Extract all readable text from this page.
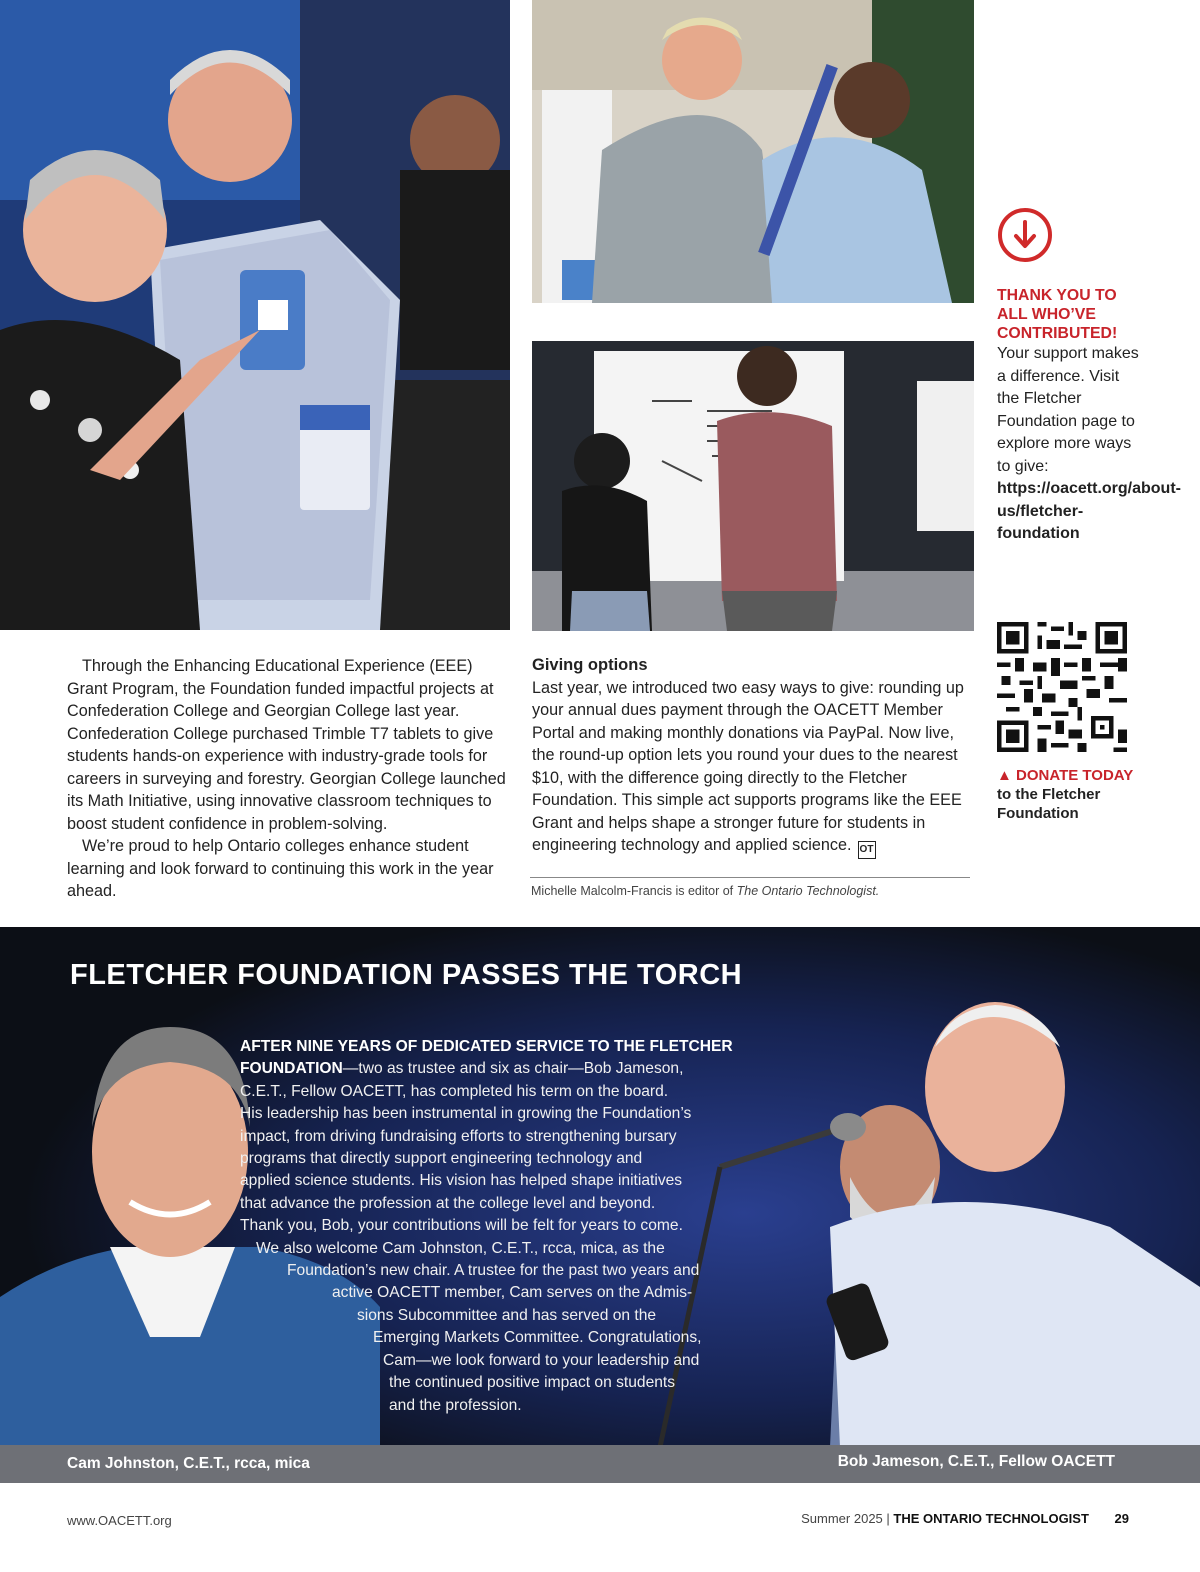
Through the Enhancing Educational Experience (EEE) Grant Program, the Foundation funded impactful projects at Confederation College and Georgian College last year. Confederation College purchased Trimble T7 tablets to give students hands-on experience with industry-grade tools for careers in surveying and forestry. Georgian College launched its Math Initiative, using innovative classroom techniques to boost student confidence in problem-solving.

We’re proud to help Ontario colleges enhance student learning and look forward to continuing this work in the year ahead.

Giving options

Last year, we introduced two easy ways to give: rounding up your annual dues payment through the OACETT Member Portal and making monthly donations via PayPal. Now live, the round-up option lets you round your dues to the nearest $10, with the difference going directly to the Fletcher Foundation. This simple act supports programs like the EEE Grant and helps shape a stronger future for students in engineering technology and applied science. OT

Michelle Malcolm-Francis is editor of The Ontario Technologist.
THANK YOU TO ALL WHO’VE CONTRIBUTED!
Your support makes a difference. Visit the Fletcher Foundation page to explore more ways to give: https://oacett.org/about-us/fletcher-foundation
▲ DONATE TODAY
to the Fletcher Foundation
FLETCHER FOUNDATION PASSES THE TORCH
AFTER NINE YEARS OF DEDICATED SERVICE TO THE FLETCHER
FOUNDATION—two as trustee and six as chair—Bob Jameson,
C.E.T., Fellow OACETT, has completed his term on the board.
His leadership has been instrumental in growing the Foundation’s
impact, from driving fundraising efforts to strengthening bursary
programs that directly support engineering technology and
applied science students. His vision has helped shape initiatives
that advance the profession at the college level and beyond.
Thank you, Bob, your contributions will be felt for years to come.
We also welcome Cam Johnston, C.E.T., rcca, mica, as the
Foundation’s new chair. A trustee for the past two years and
active OACETT member, Cam serves on the Admis-
sions Subcommittee and has served on the
Emerging Markets Committee. Congratulations,
Cam—we look forward to your leadership and
the continued positive impact on students
and the profession.
Cam Johnston, C.E.T., rcca, mica	Bob Jameson, C.E.T., Fellow OACETT
www.OACETT.org	Summer 2025 | THE ONTARIO TECHNOLOGIST 29
